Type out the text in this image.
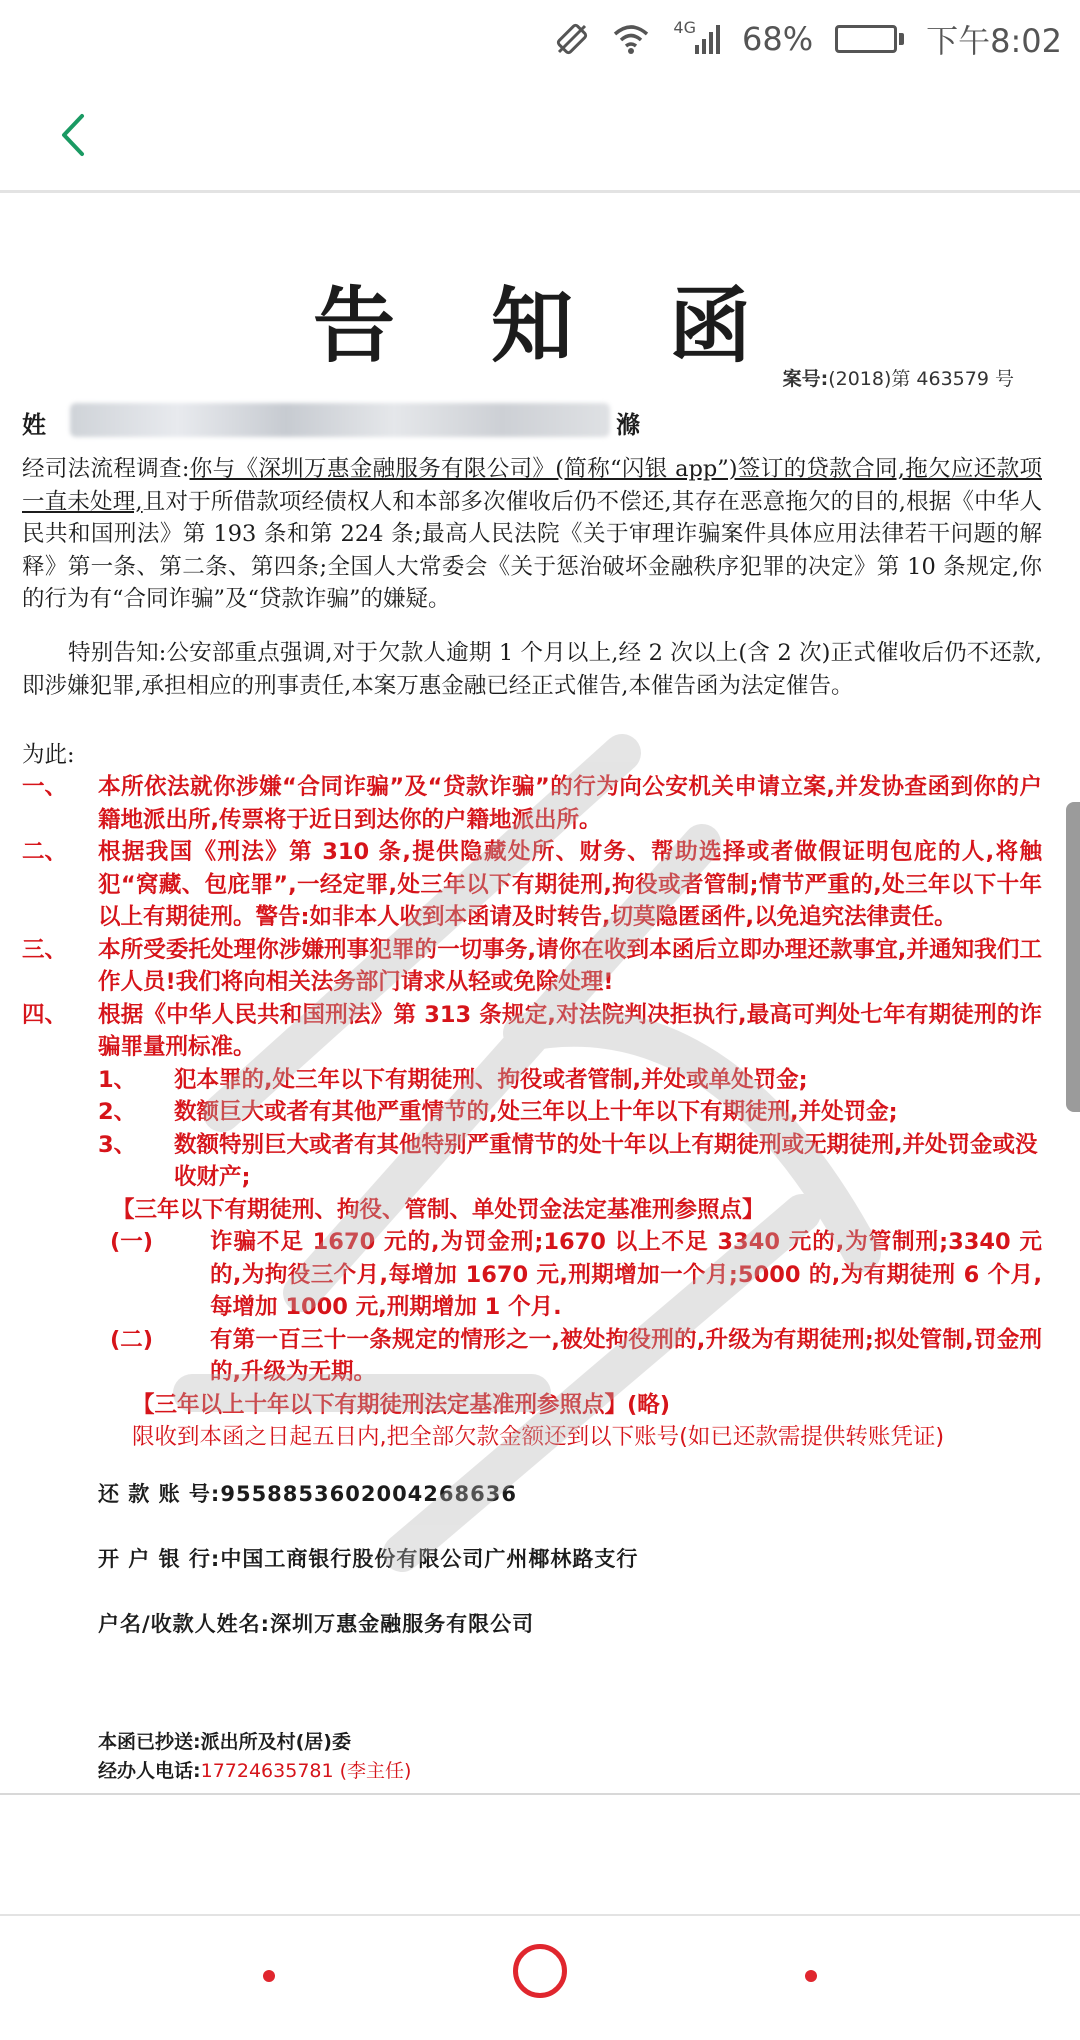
4G 68%	下午8:02
告 知 函
案号:(2018)第 463579 号
姓	滌
经司法流程调查:你与《深圳万惠金融服务有限公司》(简称“闪银 app”)签订的贷款合同,拖欠应还款项一直未处理,且对于所借款项经债权人和本部多次催收后仍不偿还,其存在恶意拖欠的目的,根据《中华人民共和国刑法》第 193 条和第 224 条;最高人民法院《关于审理诈骗案件具体应用法律若干问题的解释》第一条、第二条、第四条;全国人大常委会《关于惩治破坏金融秩序犯罪的决定》第 10 条规定,你的行为有“合同诈骗”及“贷款诈骗”的嫌疑。
特别告知:公安部重点强调,对于欠款人逾期 1 个月以上,经 2 次以上(含 2 次)正式催收后仍不还款,即涉嫌犯罪,承担相应的刑事责任,本案万惠金融已经正式催告,本催告函为法定催告。
为此:
一、	本所依法就你涉嫌“合同诈骗”及“贷款诈骗”的行为向公安机关申请立案,并发协查函到你的户籍地派出所,传票将于近日到达你的户籍地派出所。
二、	根据我国《刑法》第 310 条,提供隐藏处所、财务、帮助选择或者做假证明包庇的人,将触犯“窝藏、包庇罪”,一经定罪,处三年以下有期徒刑,拘役或者管制;情节严重的,处三年以下十年以上有期徒刑。警告:如非本人收到本函请及时转告,切莫隐匿函件,以免追究法律责任。
三、	本所受委托处理你涉嫌刑事犯罪的一切事务,请你在收到本函后立即办理还款事宜,并通知我们工作人员!我们将向相关法务部门请求从轻或免除处理!
四、	根据《中华人民共和国刑法》第 313 条规定,对法院判决拒执行,最高可判处七年有期徒刑的诈骗罪量刑标准。
1、	犯本罪的,处三年以下有期徒刑、拘役或者管制,并处或单处罚金;
2、	数额巨大或者有其他严重情节的,处三年以上十年以下有期徒刑,并处罚金;
3、	数额特别巨大或者有其他特别严重情节的处十年以上有期徒刑或无期徒刑,并处罚金或没收财产;
【三年以下有期徒刑、拘役、管制、单处罚金法定基准刑参照点】
(一)	诈骗不足 1670 元的,为罚金刑;1670 以上不足 3340 元的,为管制刑;3340 元的,为拘役三个月,每增加 1670 元,刑期增加一个月;5000 的,为有期徒刑 6 个月,每增加 1000 元,刑期增加 1 个月.
(二)	有第一百三十一条规定的情形之一,被处拘役刑的,升级为有期徒刑;拟处管制,罚金刑的,升级为无期。
【三年以上十年以下有期徒刑法定基准刑参照点】(略)
限收到本函之日起五日内,把全部欠款金额还到以下账号(如已还款需提供转账凭证)
还 款 账 号:9558853602004268636
开 户 银 行:中国工商银行股份有限公司广州椰林路支行
户名/收款人姓名:深圳万惠金融服务有限公司
本函已抄送:派出所及村(居)委
经办人电话:17724635781 (李主任)
